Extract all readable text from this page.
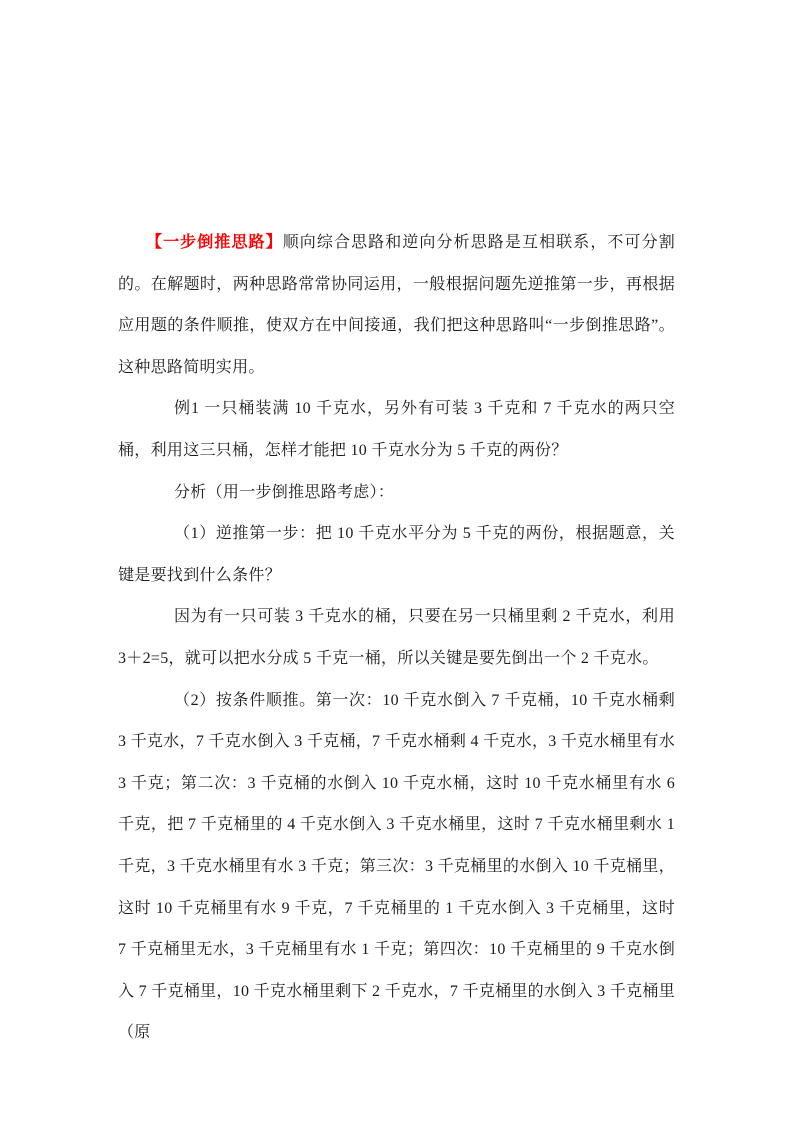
【一步倒推思路】顺向综合思路和逆向分析思路是互相联系，不可分割的。在解题时，两种思路常常协同运用，一般根据问题先逆推第一步，再根据应用题的条件顺推，使双方在中间接通，我们把这种思路叫“一步倒推思路”。这种思路简明实用。

例1 一只桶装满 10 千克水，另外有可装 3 千克和 7 千克水的两只空桶，利用这三只桶，怎样才能把 10 千克水分为 5 千克的两份？

分析（用一步倒推思路考虑）：

（1）逆推第一步：把 10 千克水平分为 5 千克的两份，根据题意，关键是要找到什么条件？

因为有一只可装 3 千克水的桶，只要在另一只桶里剩 2 千克水，利用 3＋2=5，就可以把水分成 5 千克一桶，所以关键是要先倒出一个 2 千克水。

（2）按条件顺推。第一次：10 千克水倒入 7 千克桶，10 千克水桶剩 3 千克水，7 千克水倒入 3 千克桶，7 千克水桶剩 4 千克水，3 千克水桶里有水 3 千克；第二次：3 千克桶的水倒入 10 千克水桶，这时 10 千克水桶里有水 6 千克，把 7 千克桶里的 4 千克水倒入 3 千克水桶里，这时 7 千克水桶里剩水 1 千克，3 千克水桶里有水 3 千克；第三次：3 千克桶里的水倒入 10 千克桶里，这时 10 千克桶里有水 9 千克，7 千克桶里的 1 千克水倒入 3 千克桶里，这时 7 千克桶里无水，3 千克桶里有水 1 千克；第四次：10 千克桶里的 9 千克水倒入 7 千克桶里，10 千克水桶里剩下 2 千克水，7 千克桶里的水倒入 3 千克桶里（原
